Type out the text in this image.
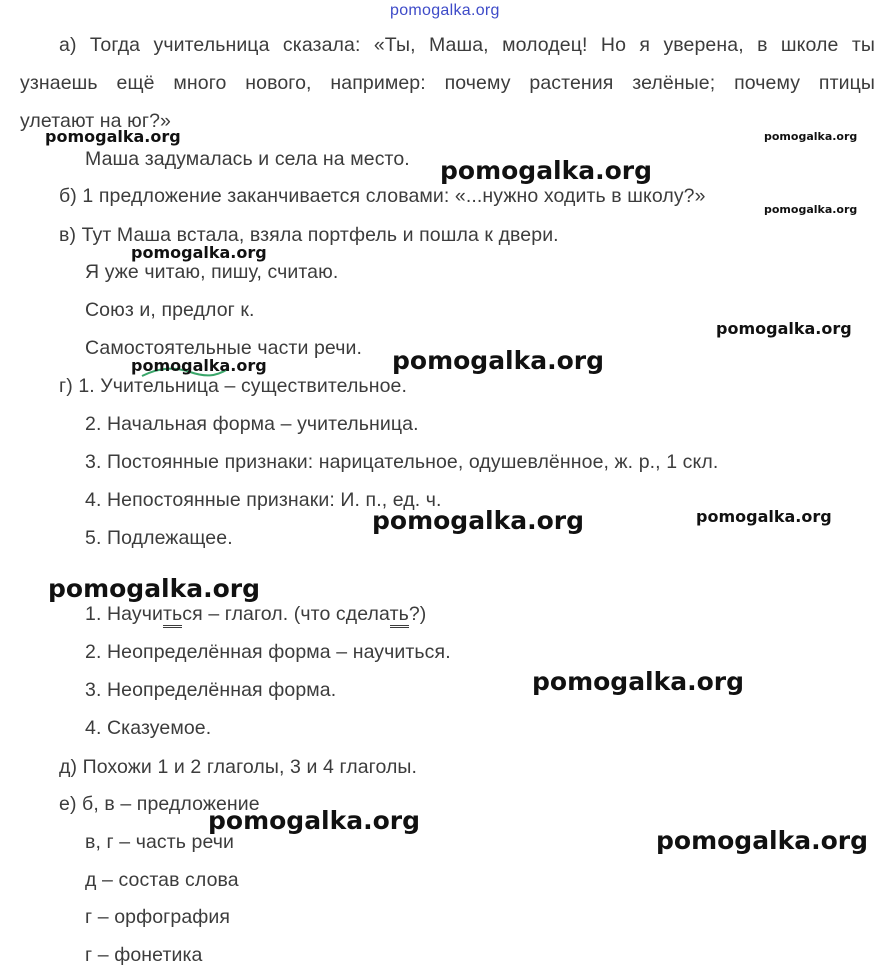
pomogalka.org
а) Тогда учительница сказала: «Ты, Маша, молодец! Но я уверена, в школе ты
узнаешь ещё много нового, например: почему растения зелёные; почему птицы
улетают на юг?»
Маша задумалась и села на место.
б) 1 предложение заканчивается словами: «...нужно ходить в школу?»
в) Тут Маша встала, взяла портфель и пошла к двери.
Я уже читаю, пишу, считаю.
Союз и, предлог к.
Самостоятельные части речи.
г) 1. Учительница – существительное.
2. Начальная форма – учительница.
3. Постоянные признаки: нарицательное, одушевлённое, ж. р., 1 скл.
4. Непостоянные признаки: И. п., ед. ч.
5. Подлежащее.
1. Научиться – глагол. (что сделать?)
2. Неопределённая форма – научиться.
3. Неопределённая форма.
4. Сказуемое.
д) Похожи 1 и 2 глаголы, 3 и 4 глаголы.
е) б, в – предложение
в, г – часть речи
д – состав слова
г – орфография
г – фонетика
pomogalka.org	pomogalka.org
pomogalka.org
pomogalka.org
pomogalka.org
pomogalka.org
pomogalka.org
pomogalka.org
pomogalka.org	pomogalka.org
pomogalka.org
pomogalka.org
pomogalka.org
pomogalka.org
